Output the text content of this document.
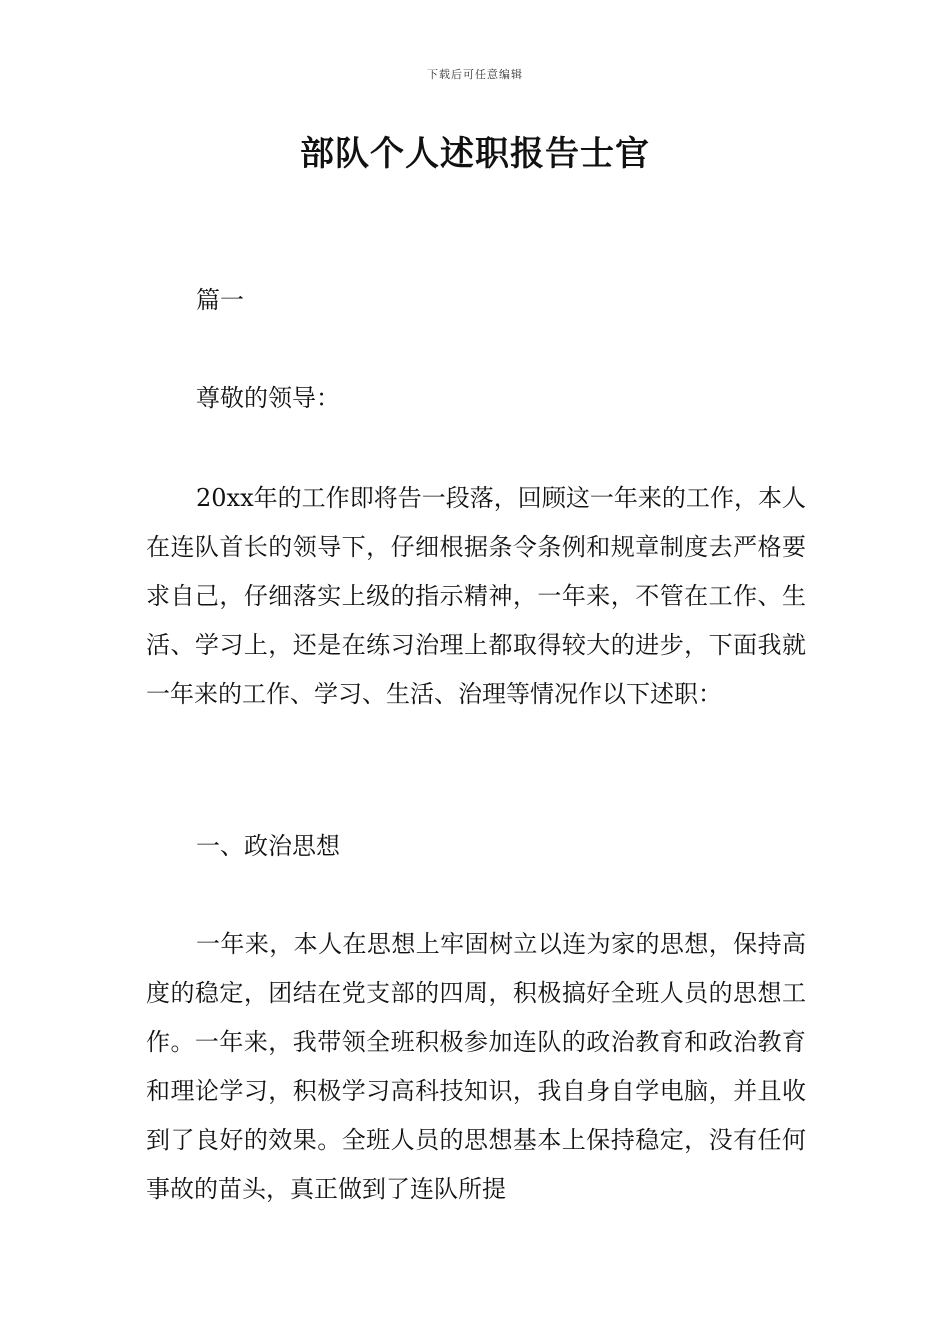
下载后可任意编辑
部队个人述职报告士官

篇一

尊敬的领导：

20xx年的工作即将告一段落，回顾这一年来的工作，本人在连队首长的领导下，仔细根据条令条例和规章制度去严格要求自己，仔细落实上级的指示精神，一年来，不管在工作、生活、学习上，还是在练习治理上都取得较大的进步，下面我就一年来的工作、学习、生活、治理等情况作以下述职：

一、政治思想

一年来，本人在思想上牢固树立以连为家的思想，保持高度的稳定，团结在党支部的四周，积极搞好全班人员的思想工作。一年来，我带领全班积极参加连队的政治教育和政治教育和理论学习，积极学习高科技知识，我自身自学电脑，并且收到了良好的效果。全班人员的思想基本上保持稳定，没有任何事故的苗头，真正做到了连队所提
